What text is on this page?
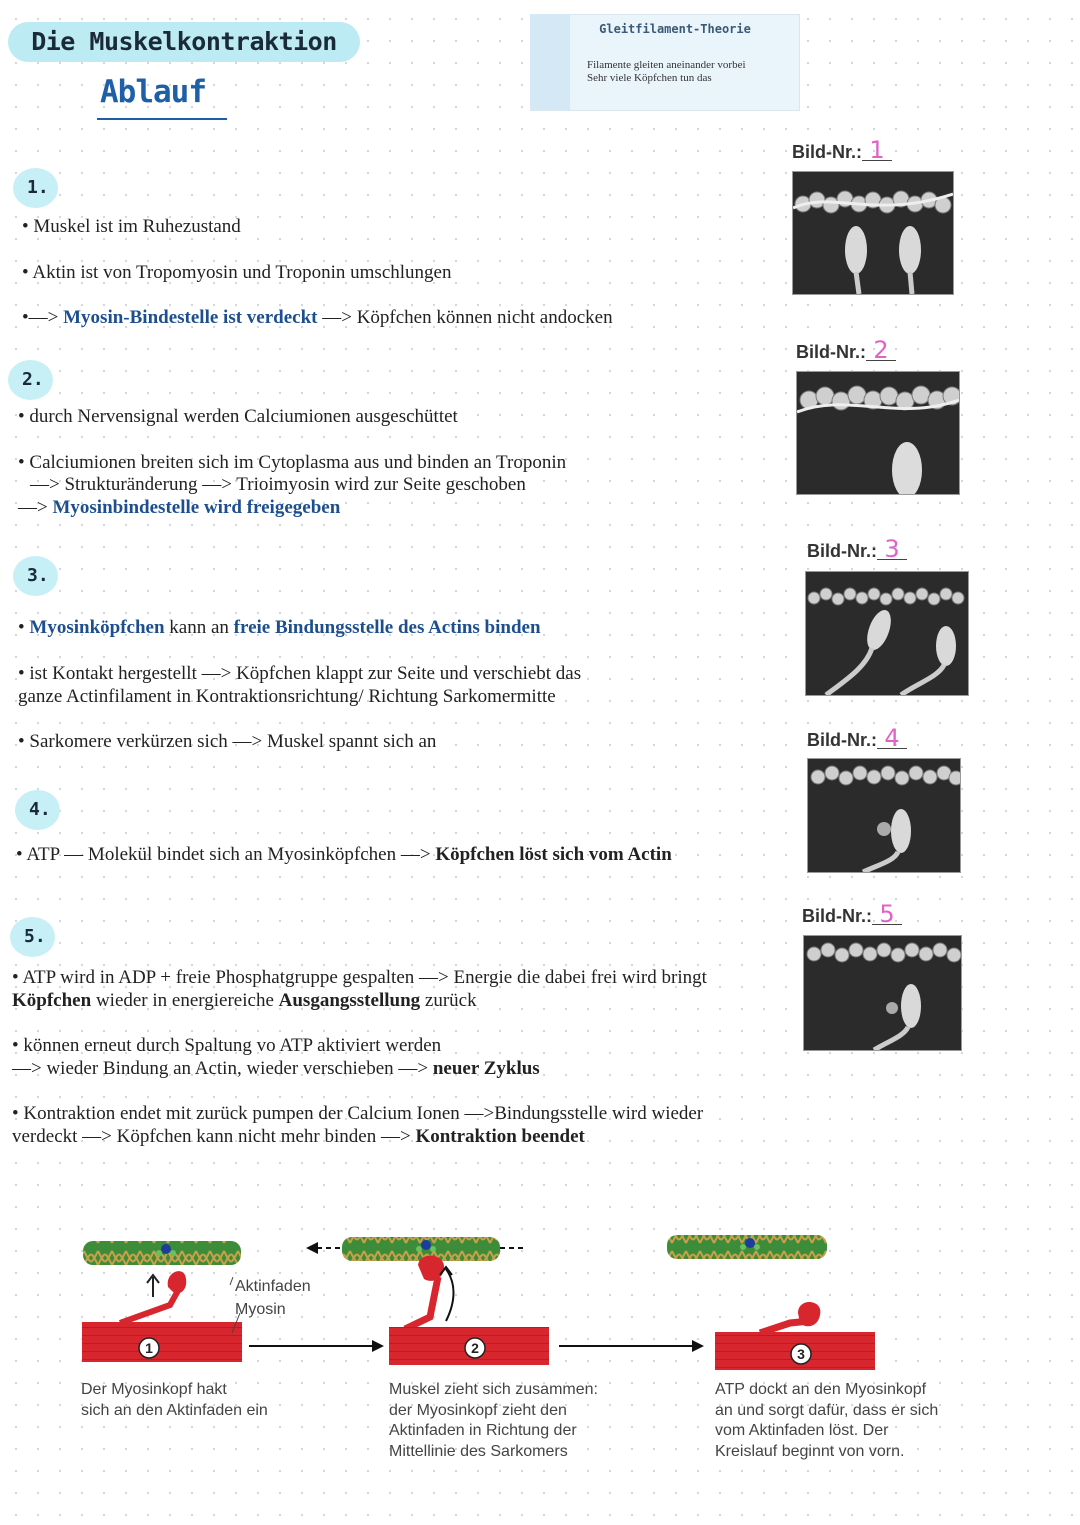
Die Muskelkontraktion
Ablauf
Gleitfilament-Theorie
Filamente gleiten aneinander vorbei
Sehr viele Köpfchen tun das
1.
• Muskel ist im Ruhezustand
• Aktin ist von Tropomyosin und Troponin umschlungen
•—> Myosin-Bindestelle ist verdeckt —> Köpfchen können nicht andocken
2.
• durch Nervensignal werden Calciumionen ausgeschüttet
• Calciumionen breiten sich im Cytoplasma aus und binden an Troponin
—> Strukturänderung —> Trioimyosin wird zur Seite geschoben
—> Myosinbindestelle wird freigegeben
3.
• Myosinköpfchen kann an freie Bindungsstelle des Actins binden
• ist Kontakt hergestellt —> Köpfchen klappt zur Seite und verschiebt das
ganze Actinfilament in Kontraktionsrichtung/ Richtung Sarkomermitte
• Sarkomere verkürzen sich —> Muskel spannt sich an
4.
• ATP — Molekül bindet sich an Myosinköpfchen —> Köpfchen löst sich vom Actin
5.
• ATP wird in ADP + freie Phosphatgruppe gespalten —> Energie die dabei frei wird bringt
Köpfchen wieder in energiereiche Ausgangsstellung zurück
• können erneut durch Spaltung vo ATP aktiviert werden
—> wieder Bindung an Actin, wieder verschieben —> neuer Zyklus
• Kontraktion endet mit zurück pumpen der Calcium Ionen —>Bindungsstelle wird wieder
verdeckt —> Köpfchen kann nicht mehr binden —> Kontraktion beendet
Bild-Nr.: 1
Bild-Nr.: 2
Bild-Nr.: 3
Bild-Nr.: 4
Bild-Nr.: 5
1	2	3
Aktinfaden
Myosin
Der Myosinkopf hakt
sich an den Aktinfaden ein
Muskel zieht sich zusammen:
der Myosinkopf zieht den
Aktinfaden in Richtung der
Mittellinie des Sarkomers
ATP dockt an den Myosinkopf
an und sorgt dafür, dass er sich
vom Aktinfaden löst. Der
Kreislauf beginnt von vorn.
